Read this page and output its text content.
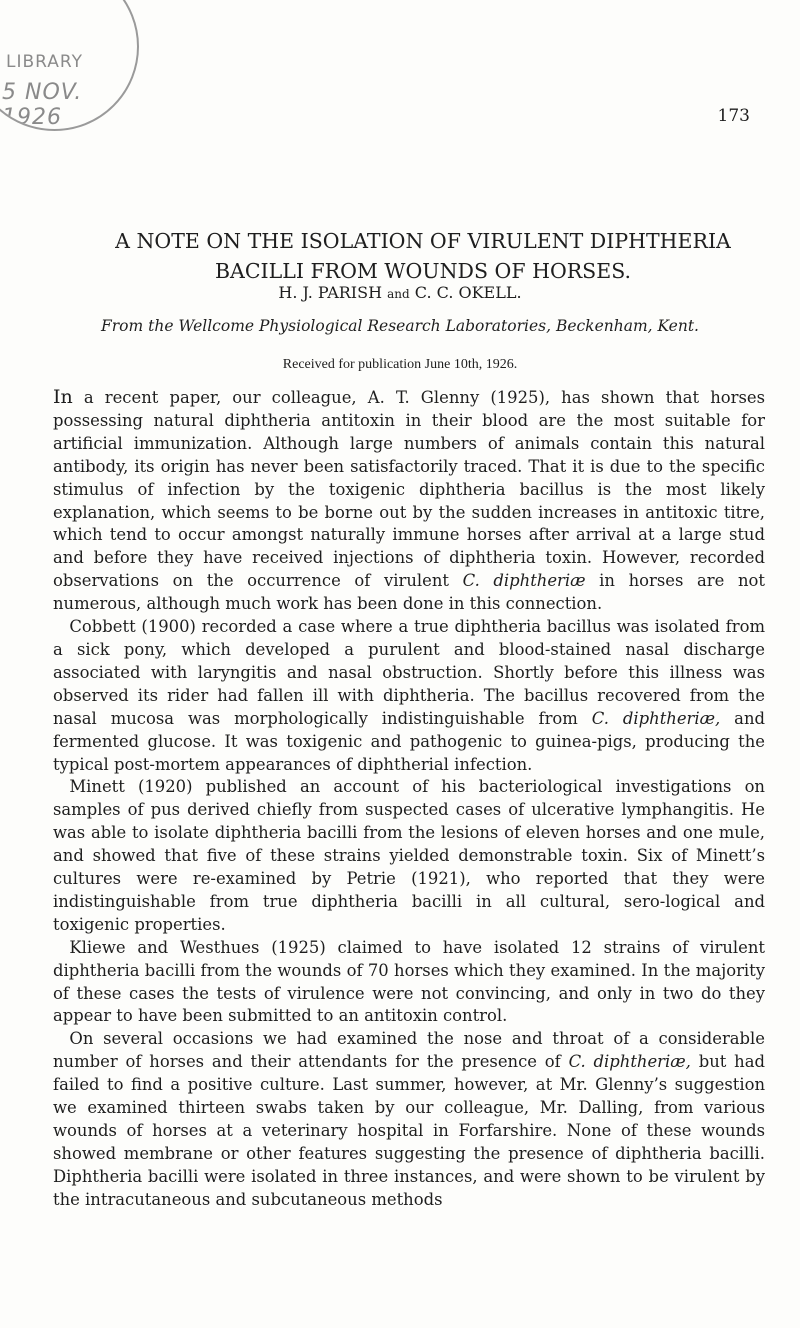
LIBRARY
5 NOV. 1926	173
A NOTE ON THE ISOLATION OF VIRULENT DIPHTHERIA
BACILLI FROM WOUNDS OF HORSES.
H. J. PARISH and C. C. OKELL.
From the Wellcome Physiological Research Laboratories, Beckenham, Kent.
Received for publication June 10th, 1926.

In a recent paper, our colleague, A. T. Glenny (1925), has shown that horses possessing natural diphtheria antitoxin in their blood are the most suitable for artificial immunization. Although large numbers of animals contain this natural antibody, its origin has never been satisfactorily traced. That it is due to the specific stimulus of infection by the toxigenic diphtheria bacillus is the most likely explanation, which seems to be borne out by the sudden increases in antitoxic titre, which tend to occur amongst naturally immune horses after arrival at a large stud and before they have received injections of diphtheria toxin. However, recorded observations on the occurrence of virulent C. diphtheriæ in horses are not numerous, although much work has been done in this connection.

 Cobbett (1900) recorded a case where a true diphtheria bacillus was isolated from a sick pony, which developed a purulent and blood-stained nasal discharge associated with laryngitis and nasal obstruction. Shortly before this illness was observed its rider had fallen ill with diphtheria. The bacillus recovered from the nasal mucosa was morphologically indistinguishable from C. diphtheriæ, and fermented glucose. It was toxigenic and pathogenic to guinea-pigs, producing the typical post-mortem appearances of diphtherial infection.

 Minett (1920) published an account of his bacteriological investigations on samples of pus derived chiefly from suspected cases of ulcerative lymphangitis. He was able to isolate diphtheria bacilli from the lesions of eleven horses and one mule, and showed that five of these strains yielded demonstrable toxin. Six of Minett’s cultures were re-examined by Petrie (1921), who reported that they were indistinguishable from true diphtheria bacilli in all cultural, sero-logical and toxigenic properties.

 Kliewe and Westhues (1925) claimed to have isolated 12 strains of virulent diphtheria bacilli from the wounds of 70 horses which they examined. In the majority of these cases the tests of virulence were not convincing, and only in two do they appear to have been submitted to an antitoxin control.

 On several occasions we had examined the nose and throat of a considerable number of horses and their attendants for the presence of C. diphtheriæ, but had failed to find a positive culture. Last summer, however, at Mr. Glenny’s suggestion we examined thirteen swabs taken by our colleague, Mr. Dalling, from various wounds of horses at a veterinary hospital in Forfarshire. None of these wounds showed membrane or other features suggesting the presence of diphtheria bacilli. Diphtheria bacilli were isolated in three instances, and were shown to be virulent by the intracutaneous and subcutaneous methods
